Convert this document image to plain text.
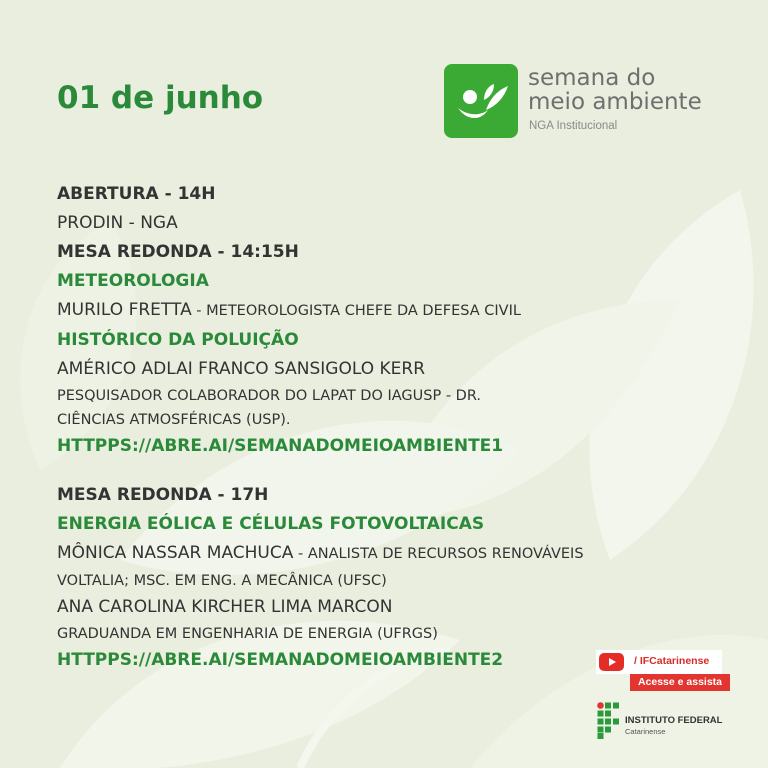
01 de junho
semana do
meio ambiente
NGA Institucional

ABERTURA - 14H

PRODIN - NGA

MESA REDONDA - 14:15H

METEOROLOGIA

MURILO FRETTA - METEOROLOGISTA CHEFE DA DEFESA CIVIL

HISTÓRICO DA POLUIÇÃO

AMÉRICO ADLAI FRANCO SANSIGOLO KERR

PESQUISADOR COLABORADOR DO LAPAT DO IAGUSP - DR.

CIÊNCIAS ATMOSFÉRICAS (USP).

HTTPPS://ABRE.AI/SEMANADOMEIOAMBIENTE1

MESA REDONDA - 17H

ENERGIA EÓLICA E CÉLULAS FOTOVOLTAICAS

MÔNICA NASSAR MACHUCA - ANALISTA DE RECURSOS RENOVÁVEIS

VOLTALIA; MSC. EM ENG. A MECÂNICA (UFSC)

ANA CAROLINA KIRCHER LIMA MARCON

GRADUANDA EM ENGENHARIA DE ENERGIA (UFRGS)

HTTPPS://ABRE.AI/SEMANADOMEIOAMBIENTE2	/ IFCatarinense
Acesse e assista
INSTITUTO FEDERAL
Catarinense
